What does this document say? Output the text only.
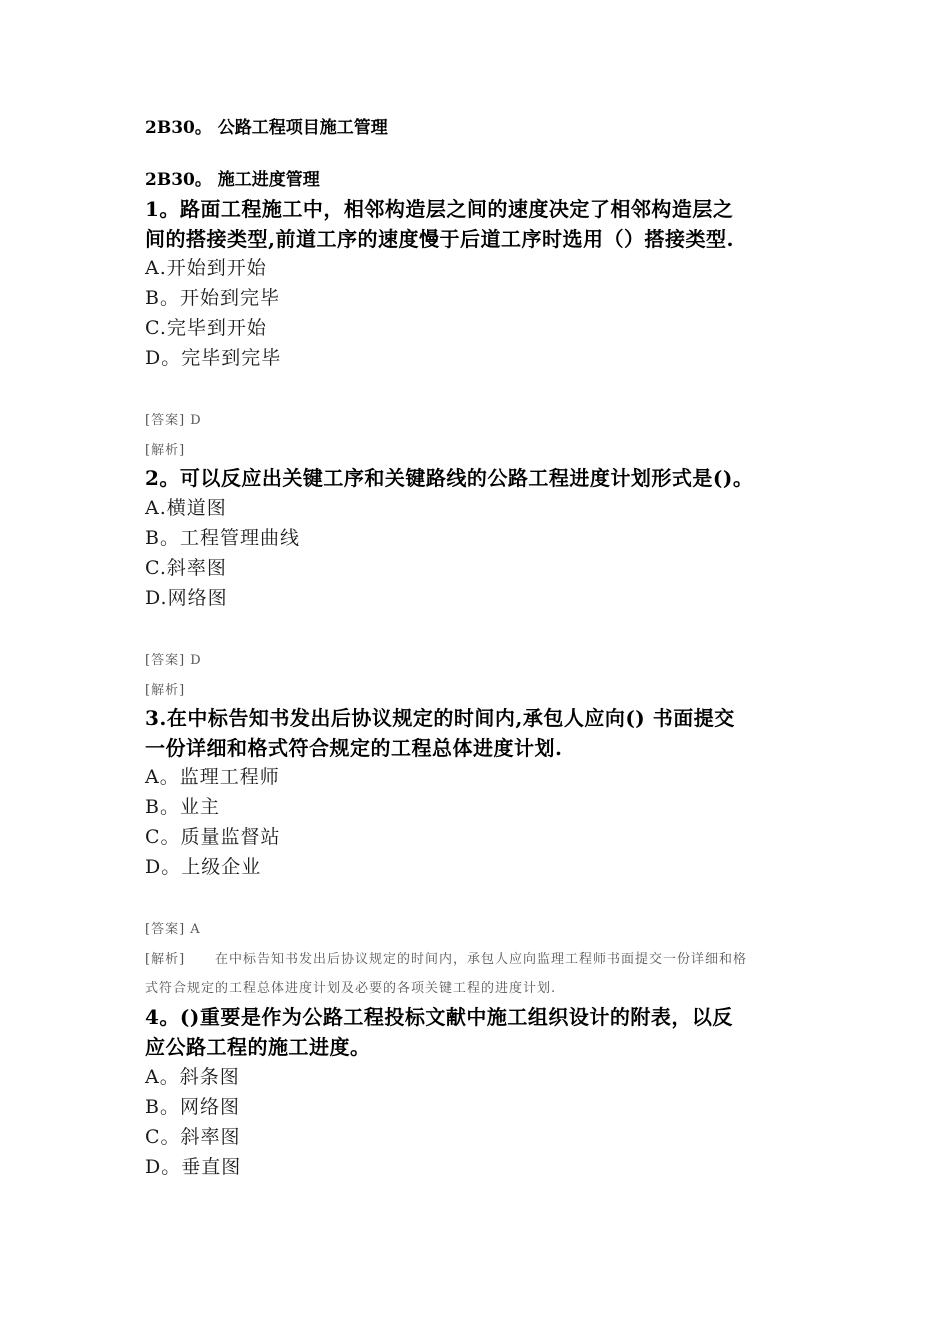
2B30。 公路工程项目施工管理
2B30。 施工进度管理
1。路面工程施工中，相邻构造层之间的速度决定了相邻构造层之
间的搭接类型,前道工序的速度慢于后道工序时选用（）搭接类型.
A.开始到开始
B。开始到完毕
C.完毕到开始
D。完毕到完毕
[答案] D
[解析]
2。可以反应出关键工序和关键路线的公路工程进度计划形式是()。
A.横道图
B。工程管理曲线
C.斜率图
D.网络图
[答案] D
[解析]
3.在中标告知书发出后协议规定的时间内,承包人应向() 书面提交
一份详细和格式符合规定的工程总体进度计划.
A。监理工程师
B。业主
C。质量监督站
D。上级企业
[答案] A
[解析] 在中标告知书发出后协议规定的时间内，承包人应向监理工程师书面提交一份详细和格
式符合规定的工程总体进度计划及必要的各项关键工程的进度计划.
4。()重要是作为公路工程投标文献中施工组织设计的附表，以反
应公路工程的施工进度。
A。斜条图
B。网络图
C。斜率图
D。垂直图
